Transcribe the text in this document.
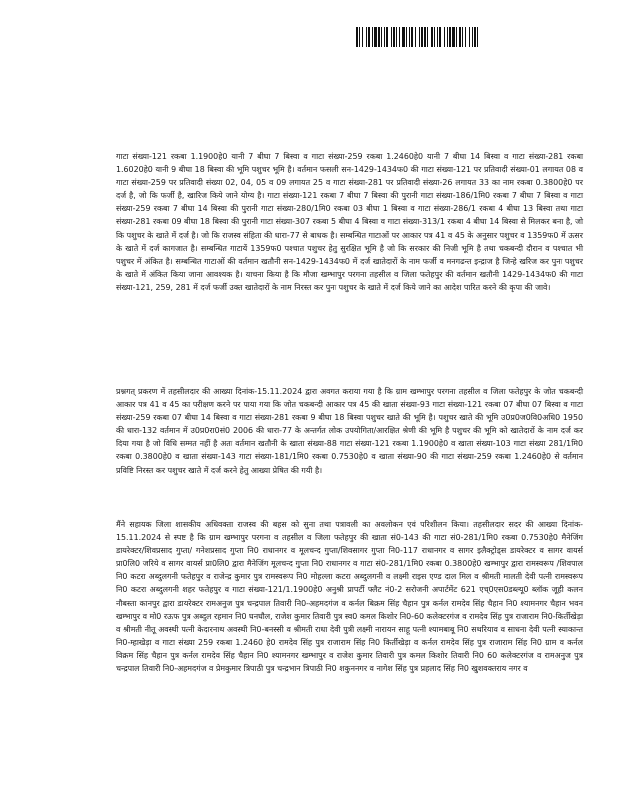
गाटा संख्या-121 रकबा 1.1900हे0 यानी 7 बीघा 7 बिस्वा व गाटा संख्या-259 रकबा 1.2460हे0 यानी 7 बीघा 14 बिस्वा व गाटा संख्या-281 रकबा 1.6020हे0 यानी 9 बीघा 18 बिस्वा की भूमि पशुचर भूमि है। वर्तमान फसली सन-1429-1434फ0 की गाटा संख्या-121 पर प्रतिवादी संख्या-01 लगायत 08 व गाटा संख्या-259 पर प्रतिवादी संख्या 02, 04, 05 व 09 लगायत 25 व गाटा संख्या-281 पर प्रतिवादी संख्या-26 लगायत 33 का नाम रकबा 0.3800हे0 पर दर्ज है, जो कि फर्जी है, खारिज किये जाने योग्य है। गाटा संख्या-121 रकबा 7 बीघा 7 बिस्वा की पुरानी गाटा संख्या-186/1मि0 रकबा 7 बीघा 7 बिस्वा व गाटा संख्या-259 रकबा 7 बीघा 14 बिस्वा की पुरानी गाटा संख्या-280/1मि0 रकबा 03 बीघा 1 बिस्वा व गाटा संख्या-286/1 रकबा 4 बीघा 13 बिस्वा तथा गाटा संख्या-281 रकबा 09 बीघा 18 बिस्वा की पुरानी गाटा संख्या-307 रकबा 5 बीघा 4 बिस्वा व गाटा संख्या-313/1 रकबा 4 बीघा 14 बिस्वा से मिलकर बना है, जो कि पशुचर के खाते में दर्ज है। जो कि राजस्व संहिता की धारा-77 से बाधक है। सम्बन्धित गाटाओं पर आकार पत्र 41 व 45 के अनुसार पशुचर व 1359फ0 में ऊसर के खाते में दर्ज कागजात है। सम्बन्धित गाटायें 1359फ0 पश्चात पशुचर हेतु सुरक्षित भूमि है जो कि सरकार की निजी भूमि है तथा चकबन्दी दौरान व पश्चात भी पशुचर में अंकित है। सम्बन्धित गाटाओं की वर्तमान खतौनी सन-1429-1434फ0 में दर्ज खातेदारों के नाम फर्जी व मनगढन्त इन्द्राज है जिन्हे खरिज कर पुनः पशुचर के खाते में अंकित किया जाना आवश्यक है। याचना किया है कि मौजा खम्भापुर परगना तहसील व जिला फतेहपुर की वर्तमान खतौनी 1429-1434फ0 की गाटा संख्या-121, 259, 281 में दर्ज फर्जी उक्त खातेदारों के नाम निरस्त कर पुनः पशुचर के खाते में दर्ज किये जाने का आदेश पारित करने की कृपा की जावे।

प्रश्नगत् प्रकरण में तहसीलदार की आख्या दिनांक-15.11.2024 द्वारा अवगत कराया गया है कि ग्राम खम्भापुर परगना तहसील व जिला फतेहपुर के जोत चकबन्दी आकार पत्र 41 व 45 का परीक्षण करने पर पाया गया कि जोत चकबन्दी आकार पत्र 45 की खाता संख्या-93 गाटा संख्या-121 रकबा 07 बीघा 07 बिस्वा व गाटा संख्या-259 रकबा 07 बीघा 14 बिस्वा व गाटा संख्या-281 रकबा 9 बीघा 18 बिस्वा पशुचर खाते की भूमि है। पशुचर खाते की भूमि उ0प्र0ज0वि0अधि0 1950 की धारा-132 वर्तमान में उ0प्र0रा0सं0 2006 की धारा-77 के अन्तर्गत लोक उपयोगिता/आरक्षित श्रेणी की भूमि है पशुचर की भूमि को खातेदारों के नाम दर्ज कर दिया गया है जो विधि सम्मत नहीं है अतः वर्तमान खतौनी के खाता संख्या-88 गाटा संख्या-121 रकबा 1.1900हे0 व खाता संख्या-103 गाटा संख्या 281/1मि0 रकबा 0.3800हे0 व खाता संख्या-143 गाटा संख्या-181/1मि0 रकबा 0.7530हे0 व खाता संख्या-90 की गाटा संख्या-259 रकबा 1.2460हे0 से वर्तमान प्रविष्टि निरस्त कर पशुचर खाते में दर्ज करने हेतु आख्या प्रेषित की गयी है।

मैंने सहायक जिला शासकीय अधिवक्ता राजस्व की बहस को सुना तथा पत्रावली का अवलोकन एवं परिशीलन किया। तहसीलदार सदर की आख्या दिनांक- 15.11.2024 से स्पष्ट है कि ग्राम खम्भापुर परगना व तहसील व जिला फतेहपुर की खाता सं0-143 की गाटा सं0-281/1मि0 रकबा 0.7530हे0 मैनेजिंग डायरेक्टर/शिवप्रसाद गुप्ता/ गनेशप्रसाद गुप्ता नि0 राधानगर व मूलचन्द गुप्ता/शिवसागर गुप्ता नि0-117 राधानगर व सागर इलैक्ट्रोड्स डायरेक्टर व सागर वायर्स प्रा0लि0 जरिये व सागर वायर्स प्रा0लि0 द्वारा मैनेजिंग मूलचन्द गुप्ता नि0 राधानगर व गाटा सं0-281/1मि0 रकबा 0.3800हे0 खम्भापुर द्वारा रामस्वरूप /शिवपाल नि0 कटरा अब्दुलगनी फतेहपुर व राजेन्द्र कुमार पुत्र रामस्वरूप नि0 मोहल्ला कटरा अब्दुलगनी व लक्ष्मी राइस एण्ड दाल मिल व श्रीमती मालती देवी पत्नी रामस्वरूप नि0 कटरा अब्दुलगनी शहर फतेहपुर व गाटा संख्या-121/1.1900हे0 अनुश्री प्रापर्टी फ्लैट नं0-2 सरोजनी अपार्टमेंट 621 एच्0एस0डब्ल्यू0 ब्लॉक जूही कलन नौबस्ता कानपुर द्वारा डायरेक्टर रामअनुज पुत्र चन्द्रपाल तिवारी नि0-अहमदगंज व कर्नल बिक्रम सिंह चैहान पुत्र कर्नल रामदेव सिंह चैहान नि0 श्यामनगर चैहान भवन खम्भापुर व मो0 रऊफ पुत्र अब्दुल रहमान नि0 घनघौल, राजेश कुमार तिवारी पुत्र स्व0 कमल किशोर नि0-60 कलेक्टरगंज व रामदेव सिंह पुत्र राजाराम नि0-किर्तीखेड़ा व श्रीमती नीतू अवस्थी पत्नी केदारनाथ अवस्थी नि0-बनस्सी व श्रीमती राधा देवी पुत्री लक्ष्मी नारायन साहू पत्नी श्यामबाबू नि0 सथरियाव व साधना देवी पत्नी स्याकान्त नि0-म्हाखेड़ा व गाटा संख्या 259 रकबा 1.2460 हे0 रामदेव सिंह पुत्र राजाराम सिंह नि0 किर्तीखेड़ा व कर्नल रामदेव सिंह पुत्र राजाराम सिंह नि0 ग्राम व कर्नल विक्रम सिंह चैहान पुत्र कर्नल रामदेव सिंह चैहान नि0 श्यामनगर खम्भापुर व राजेश कुमार तिवारी पुत्र कमल किशोर तिवारी नि0 60 कलेक्टरगंज व रामअनुज पुत्र चन्द्रपाल तिवारी नि0-अहमदगंज व प्रेमकुमार त्रिपाठी पुत्र चन्द्रभान त्रिपाठी नि0 शकुननगर व नागेश सिंह पुत्र प्रहलाद सिंह नि0 खुशवक्तराय नगर व
